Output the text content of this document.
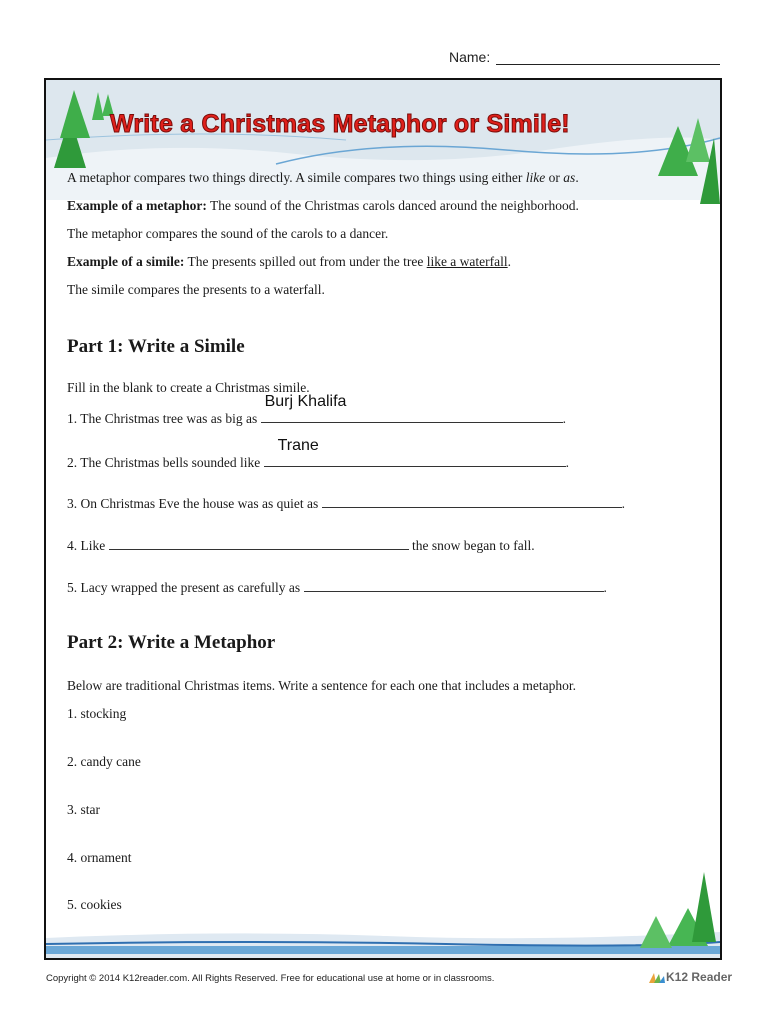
Name:
Write a Christmas Metaphor or Simile!
A metaphor compares two things directly. A simile compares two things using either like or as.
Example of a metaphor: The sound of the Christmas carols danced around the neighborhood.
The metaphor compares the sound of the carols to a dancer.
Example of a simile: The presents spilled out from under the tree like a waterfall.
The simile compares the presents to a waterfall.
Part 1: Write a Simile
Fill in the blank to create a Christmas simile.
1. The Christmas tree was as big as
Burj Khalifa
.
2. The Christmas bells sounded like
Trane
.
3. On Christmas Eve the house was as quiet as	.
4. Like	the snow began to fall.
5. Lacy wrapped the present as carefully as	.
Part 2: Write a Metaphor
Below are traditional Christmas items. Write a sentence for each one that includes a metaphor.
1. stocking
2. candy cane
3. star
4. ornament
5. cookies
Copyright © 2014 K12reader.com. All Rights Reserved. Free for educational use at home or in classrooms.	K12 Reader
